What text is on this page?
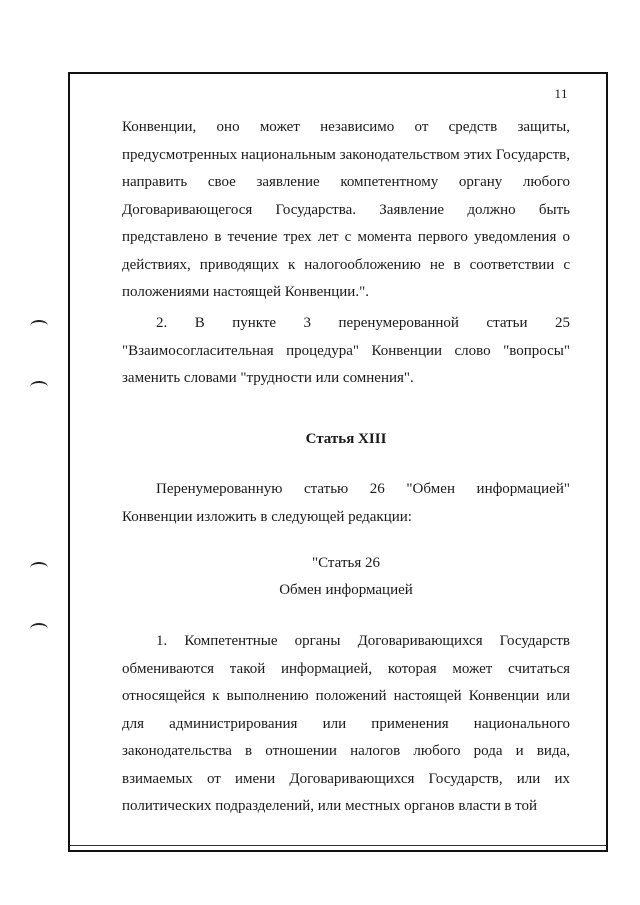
11

Конвенции, оно может независимо от средств защиты, предусмотренных национальным законодательством этих Государств, направить свое заявление компетентному органу любого Договаривающегося Государства. Заявление должно быть представлено в течение трех лет с момента первого уведомления о действиях, приводящих к налогообложению не в соответствии с положениями настоящей Конвенции.".

2. В пункте 3 перенумерованной статьи 25 "Взаимосогласительная процедура" Конвенции слово "вопросы" заменить словами "трудности или сомнения".

Статья XIII

Перенумерованную статью 26 "Обмен информацией" Конвенции изложить в следующей редакции:

"Статья 26
Обмен информацией

1. Компетентные органы Договаривающихся Государств обмениваются такой информацией, которая может считаться относящейся к выполнению положений настоящей Конвенции или для администрирования или применения национального законодательства в отношении налогов любого рода и вида, взимаемых от имени Договаривающихся Государств, или их политических подразделений, или местных органов власти в той
